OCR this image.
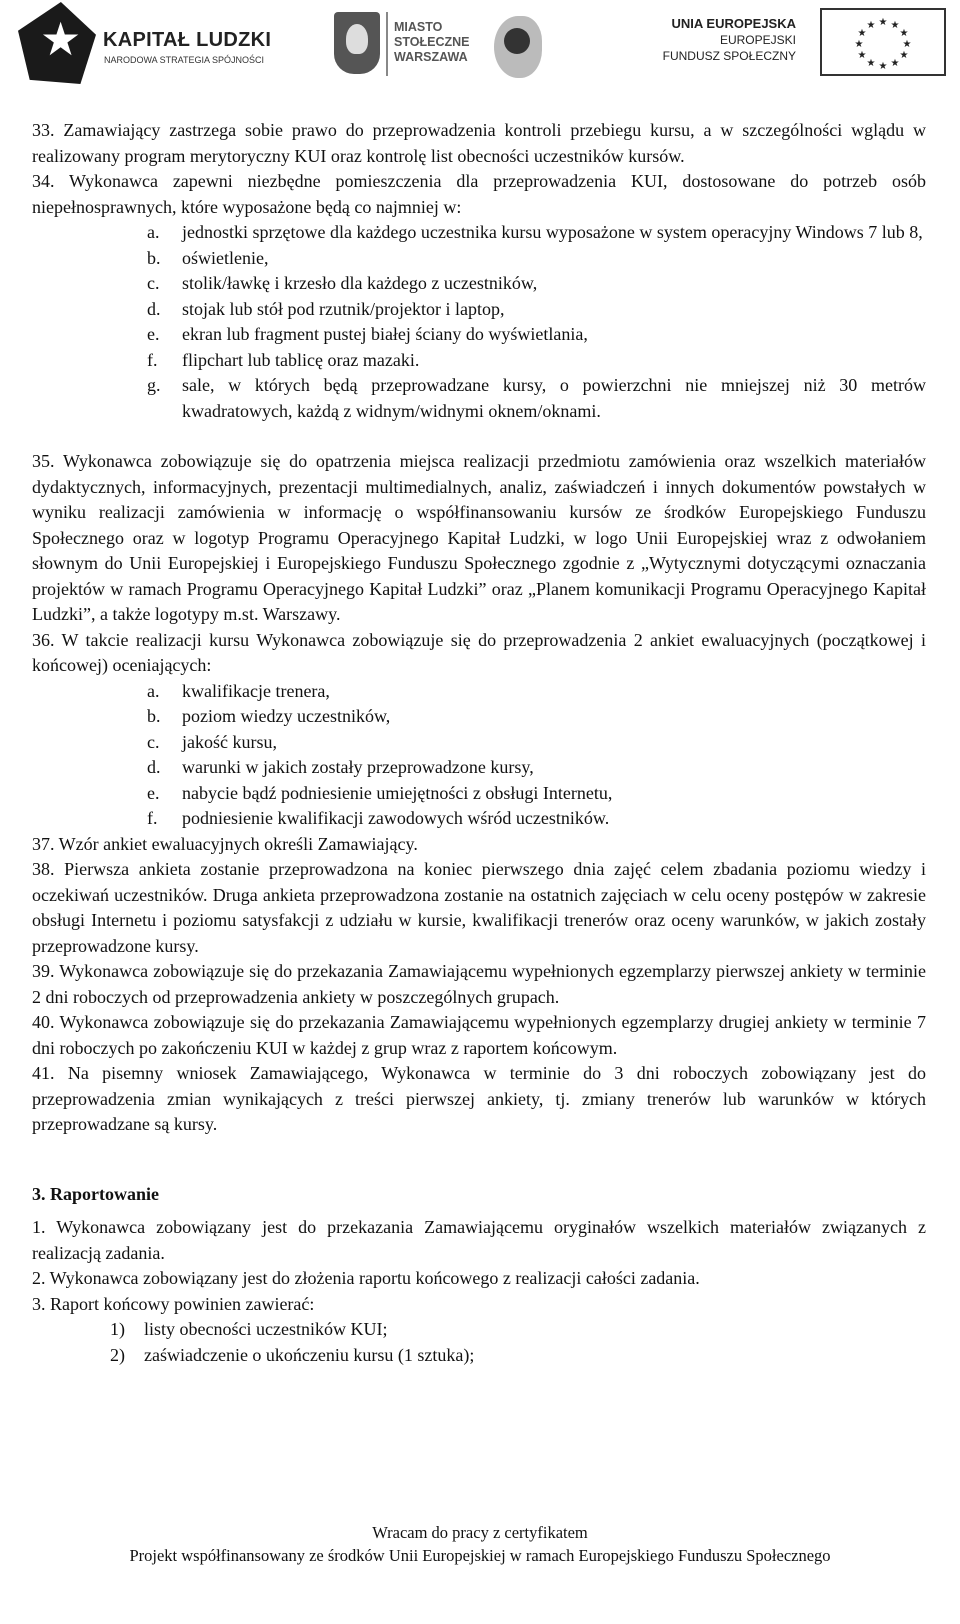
★ KAPITAŁ LUDZKI
NARODOWA STRATEGIA SPÓJNOŚCI
MIASTO
STOŁECZNE
WARSZAWA
UNIA EUROPEJSKA
EUROPEJSKI
FUNDUSZ SPOŁECZNY
★ ★
★
★
★
★
★
★
★
★
★
★
33. Zamawiający zastrzega sobie prawo do przeprowadzenia kontroli przebiegu kursu, a w szczególności wglądu w realizowany program merytoryczny KUI oraz kontrolę list obecności uczestników kursów.
34. Wykonawca zapewni niezbędne pomieszczenia dla przeprowadzenia KUI, dostosowane do potrzeb osób niepełnosprawnych, które wyposażone będą co najmniej w:
a. jednostki sprzętowe dla każdego uczestnika kursu wyposażone w system operacyjny Windows 7 lub 8,
b. oświetlenie,
c. stolik/ławkę i krzesło dla każdego z uczestników,
d. stojak lub stół pod rzutnik/projektor i laptop,
e. ekran lub fragment pustej białej ściany do wyświetlania,
f. flipchart lub tablicę oraz mazaki.
g. sale, w których będą przeprowadzane kursy, o powierzchni nie mniejszej niż 30 metrów kwadratowych, każdą z widnym/widnymi oknem/oknami.
35. Wykonawca zobowiązuje się do opatrzenia miejsca realizacji przedmiotu zamówienia oraz wszelkich materiałów dydaktycznych, informacyjnych, prezentacji multimedialnych, analiz, zaświadczeń i innych dokumentów powstałych w wyniku realizacji zamówienia w informację o współfinansowaniu kursów ze środków Europejskiego Funduszu Społecznego oraz w logotyp Programu Operacyjnego Kapitał Ludzki, w logo Unii Europejskiej wraz z odwołaniem słownym do Unii Europejskiej i Europejskiego Funduszu Społecznego zgodnie z „Wytycznymi dotyczącymi oznaczania projektów w ramach Programu Operacyjnego Kapitał Ludzki” oraz „Planem komunikacji Programu Operacyjnego Kapitał Ludzki”, a także logotypy m.st. Warszawy.
36. W takcie realizacji kursu Wykonawca zobowiązuje się do przeprowadzenia 2 ankiet ewaluacyjnych (początkowej i końcowej) oceniających:
a. kwalifikacje trenera,
b. poziom wiedzy uczestników,
c. jakość kursu,
d. warunki w jakich zostały przeprowadzone kursy,
e. nabycie bądź podniesienie umiejętności z obsługi Internetu,
f. podniesienie kwalifikacji zawodowych wśród uczestników.
37. Wzór ankiet ewaluacyjnych określi Zamawiający.
38. Pierwsza ankieta zostanie przeprowadzona na koniec pierwszego dnia zajęć celem zbadania poziomu wiedzy i oczekiwań uczestników. Druga ankieta przeprowadzona zostanie na ostatnich zajęciach w celu oceny postępów w zakresie obsługi Internetu i poziomu satysfakcji z udziału w kursie, kwalifikacji trenerów oraz oceny warunków, w jakich zostały przeprowadzone kursy.
39. Wykonawca zobowiązuje się do przekazania Zamawiającemu wypełnionych egzemplarzy pierwszej ankiety w terminie 2 dni roboczych od przeprowadzenia ankiety w poszczególnych grupach.
40. Wykonawca zobowiązuje się do przekazania Zamawiającemu wypełnionych egzemplarzy drugiej ankiety w terminie 7 dni roboczych po zakończeniu KUI w każdej z grup wraz z raportem końcowym.
41. Na pisemny wniosek Zamawiającego, Wykonawca w terminie do 3 dni roboczych zobowiązany jest do przeprowadzenia zmian wynikających z treści pierwszej ankiety, tj. zmiany trenerów lub warunków w których przeprowadzane są kursy.
3. Raportowanie
1. Wykonawca zobowiązany jest do przekazania Zamawiającemu oryginałów wszelkich materiałów związanych z realizacją zadania.
2. Wykonawca zobowiązany jest do złożenia raportu końcowego z realizacji całości zadania.
3. Raport końcowy powinien zawierać:
1) listy obecności uczestników KUI;
2) zaświadczenie o ukończeniu kursu (1 sztuka);
Wracam do pracy z certyfikatem
Projekt współfinansowany ze środków Unii Europejskiej w ramach Europejskiego Funduszu Społecznego
